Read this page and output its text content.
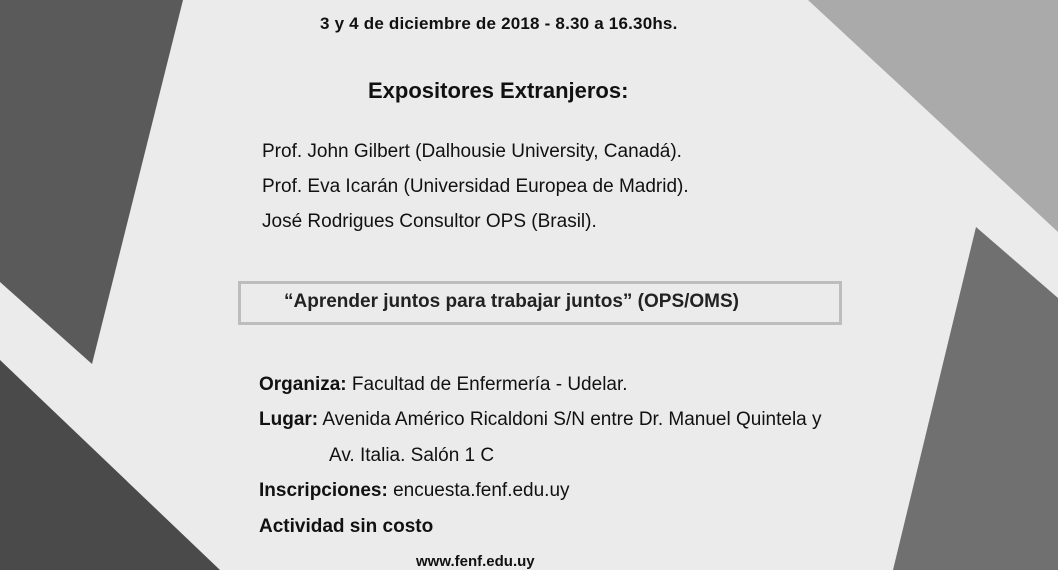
3 y 4 de diciembre de 2018 - 8.30 a 16.30hs.
Expositores Extranjeros:
Prof. John Gilbert (Dalhousie University, Canadá).
Prof. Eva Icarán (Universidad Europea de Madrid).
José Rodrigues Consultor OPS (Brasil).
“Aprender juntos para trabajar juntos” (OPS/OMS)
Organiza: Facultad de Enfermería - Udelar.
Lugar: Avenida Américo Ricaldoni S/N entre Dr. Manuel Quintela y
Av. Italia. Salón 1 C
Inscripciones: encuesta.fenf.edu.uy
Actividad sin costo
www.fenf.edu.uy
